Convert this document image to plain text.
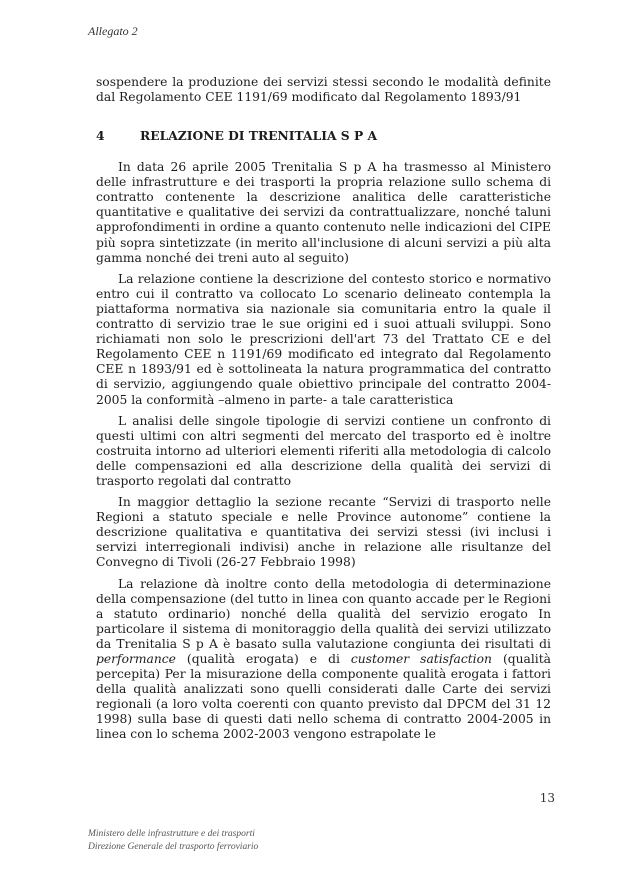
Allegato 2

sospendere la produzione dei servizi stessi secondo le modalità definite dal Regolamento CEE 1191/69 modificato dal Regolamento 1893/91

4	RELAZIONE DI TRENITALIA S P A

In data 26 aprile 2005 Trenitalia S p A ha trasmesso al Ministero delle infrastrutture e dei trasporti la propria relazione sullo schema di contratto contenente la descrizione analitica delle caratteristiche quantitative e qualitative dei servizi da contrattualizzare, nonché taluni approfondimenti in ordine a quanto contenuto nelle indicazioni del CIPE più sopra sintetizzate (in merito all'inclusione di alcuni servizi a più alta gamma nonché dei treni auto al seguito)

La relazione contiene la descrizione del contesto storico e normativo entro cui il contratto va collocato Lo scenario delineato contempla la piattaforma normativa sia nazionale sia comunitaria entro la quale il contratto di servizio trae le sue origini ed i suoi attuali sviluppi. Sono richiamati non solo le prescrizioni dell'art 73 del Trattato CE e del Regolamento CEE n 1191/69 modificato ed integrato dal Regolamento CEE n 1893/91 ed è sottolineata la natura programmatica del contratto di servizio, aggiungendo quale obiettivo principale del contratto 2004-2005 la conformità –almeno in parte- a tale caratteristica

L analisi delle singole tipologie di servizi contiene un confronto di questi ultimi con altri segmenti del mercato del trasporto ed è inoltre costruita intorno ad ulteriori elementi riferiti alla metodologia di calcolo delle compensazioni ed alla descrizione della qualità dei servizi di trasporto regolati dal contratto

In maggior dettaglio la sezione recante “Servizi di trasporto nelle Regioni a statuto speciale e nelle Province autonome” contiene la descrizione qualitativa e quantitativa dei servizi stessi (ivi inclusi i servizi interregionali indivisi) anche in relazione alle risultanze del Convegno di Tivoli (26-27 Febbraio 1998)

La relazione dà inoltre conto della metodologia di determinazione della compensazione (del tutto in linea con quanto accade per le Regioni a statuto ordinario) nonché della qualità del servizio erogato In particolare il sistema di monitoraggio della qualità dei servizi utilizzato da Trenitalia S p A è basato sulla valutazione congiunta dei risultati di performance (qualità erogata) e di customer satisfaction (qualità percepita) Per la misurazione della componente qualità erogata i fattori della qualità analizzati sono quelli considerati dalle Carte dei servizi regionali (a loro volta coerenti con quanto previsto dal DPCM del 31 12 1998) sulla base di questi dati nello schema di contratto 2004-2005 in linea con lo schema 2002-2003 vengono estrapolate le

13
Ministero delle infrastrutture e dei trasporti
Direzione Generale del trasporto ferroviario
